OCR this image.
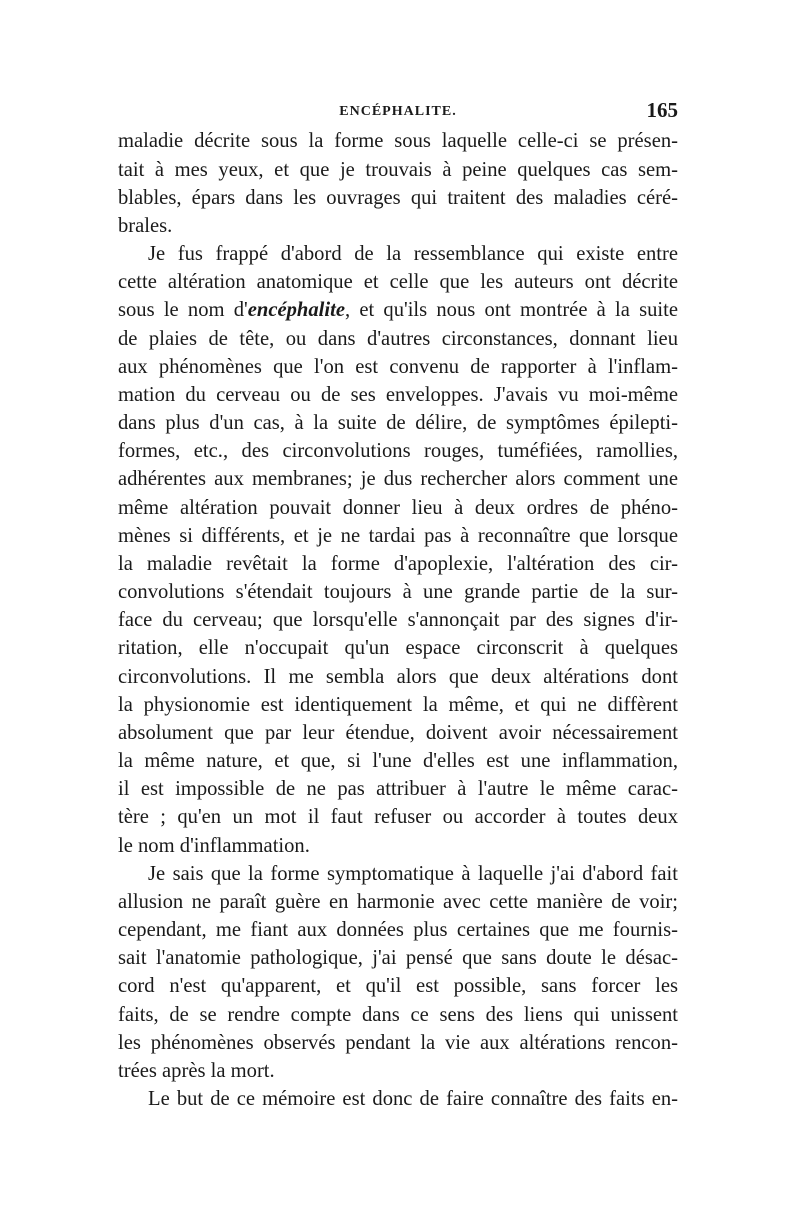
ENCÉPHALITE.	165
maladie décrite sous la forme sous laquelle celle-ci se présen-
tait à mes yeux, et que je trouvais à peine quelques cas sem-
blables, épars dans les ouvrages qui traitent des maladies céré-
brales.
Je fus frappé d'abord de la ressemblance qui existe entre
cette altération anatomique et celle que les auteurs ont décrite
sous le nom d'encéphalite, et qu'ils nous ont montrée à la suite
de plaies de tête, ou dans d'autres circonstances, donnant lieu
aux phénomènes que l'on est convenu de rapporter à l'inflam-
mation du cerveau ou de ses enveloppes. J'avais vu moi-même
dans plus d'un cas, à la suite de délire, de symptômes épilepti-
formes, etc., des circonvolutions rouges, tuméfiées, ramollies,
adhérentes aux membranes; je dus rechercher alors comment une
même altération pouvait donner lieu à deux ordres de phéno-
mènes si différents, et je ne tardai pas à reconnaître que lorsque
la maladie revêtait la forme d'apoplexie, l'altération des cir-
convolutions s'étendait toujours à une grande partie de la sur-
face du cerveau; que lorsqu'elle s'annonçait par des signes d'ir-
ritation, elle n'occupait qu'un espace circonscrit à quelques
circonvolutions. Il me sembla alors que deux altérations dont
la physionomie est identiquement la même, et qui ne diffèrent
absolument que par leur étendue, doivent avoir nécessairement
la même nature, et que, si l'une d'elles est une inflammation,
il est impossible de ne pas attribuer à l'autre le même carac-
tère ; qu'en un mot il faut refuser ou accorder à toutes deux
le nom d'inflammation.
Je sais que la forme symptomatique à laquelle j'ai d'abord fait
allusion ne paraît guère en harmonie avec cette manière de voir;
cependant, me fiant aux données plus certaines que me fournis-
sait l'anatomie pathologique, j'ai pensé que sans doute le désac-
cord n'est qu'apparent, et qu'il est possible, sans forcer les
faits, de se rendre compte dans ce sens des liens qui unissent
les phénomènes observés pendant la vie aux altérations rencon-
trées après la mort.
Le but de ce mémoire est donc de faire connaître des faits en-
